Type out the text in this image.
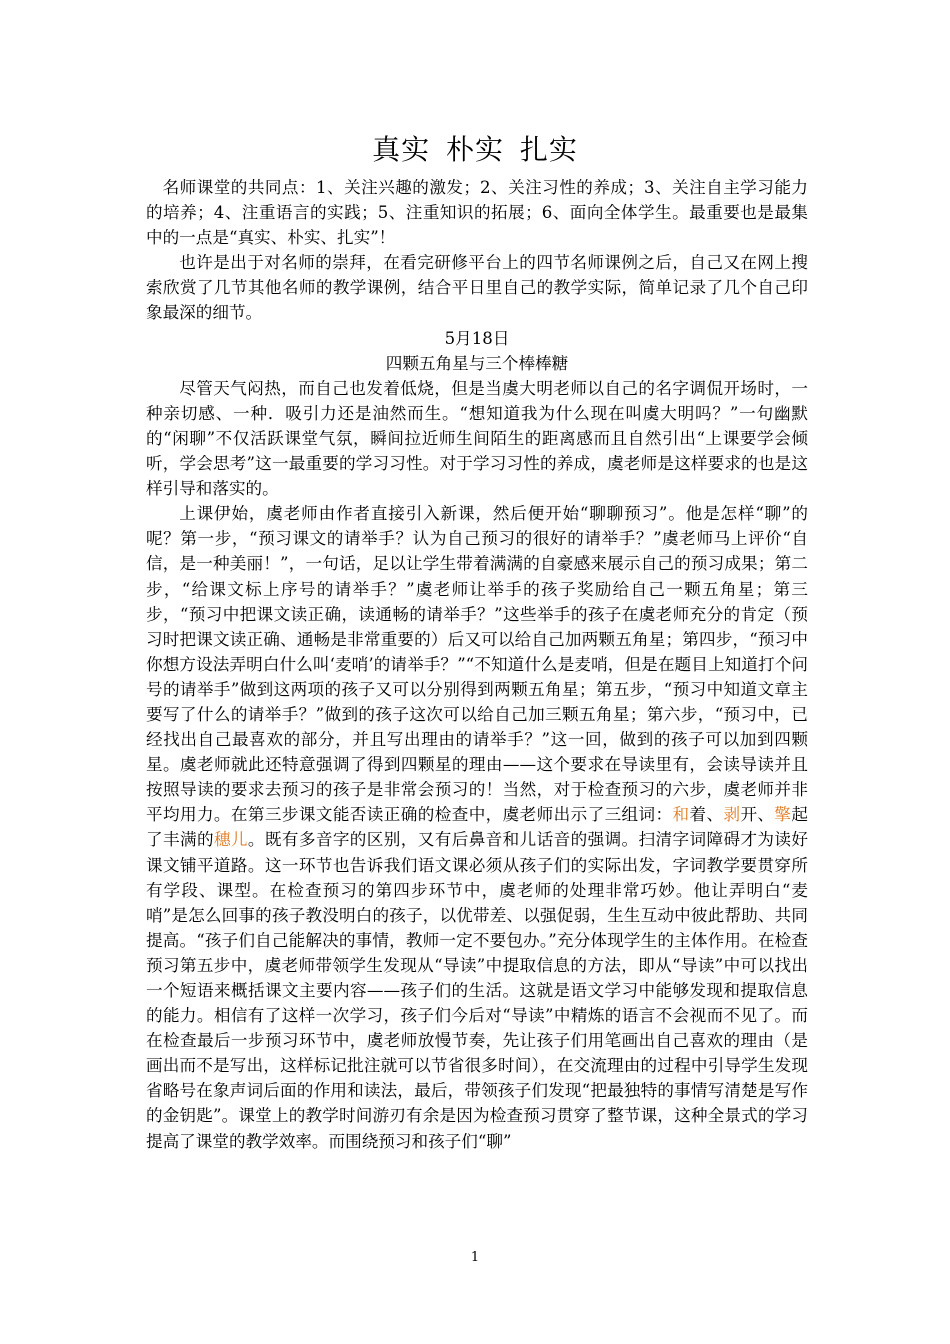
真实 朴实 扎实

名师课堂的共同点：1、关注兴趣的激发；2、关注习性的养成；3、关注自主学习能力的培养；4、注重语言的实践；5、注重知识的拓展；6、面向全体学生。最重要也是最集中的一点是“真实、朴实、扎实”！

也许是出于对名师的崇拜，在看完研修平台上的四节名师课例之后，自己又在网上搜索欣赏了几节其他名师的教学课例，结合平日里自己的教学实际，简单记录了几个自己印象最深的细节。

5月18日

四颗五角星与三个棒棒糖

尽管天气闷热，而自己也发着低烧，但是当虞大明老师以自己的名字调侃开场时，一种亲切感、一种．吸引力还是油然而生。“想知道我为什么现在叫虞大明吗？”一句幽默的“闲聊”不仅活跃课堂气氛，瞬间拉近师生间陌生的距离感而且自然引出“上课要学会倾听，学会思考”这一最重要的学习习性。对于学习习性的养成，虞老师是这样要求的也是这样引导和落实的。

上课伊始，虞老师由作者直接引入新课，然后便开始“聊聊预习”。他是怎样“聊”的呢？第一步，“预习课文的请举手？认为自己预习的很好的请举手？”虞老师马上评价“自信，是一种美丽！”，一句话，足以让学生带着满满的自豪感来展示自己的预习成果；第二步，“给课文标上序号的请举手？”虞老师让举手的孩子奖励给自己一颗五角星；第三步，“预习中把课文读正确，读通畅的请举手？”这些举手的孩子在虞老师充分的肯定（预习时把课文读正确、通畅是非常重要的）后又可以给自己加两颗五角星；第四步，“预习中你想方设法弄明白什么叫‘麦哨’的请举手？”“不知道什么是麦哨，但是在题目上知道打个问号的请举手”做到这两项的孩子又可以分别得到两颗五角星；第五步，“预习中知道文章主要写了什么的请举手？”做到的孩子这次可以给自己加三颗五角星；第六步，“预习中，已经找出自己最喜欢的部分，并且写出理由的请举手？”这一回，做到的孩子可以加到四颗星。虞老师就此还特意强调了得到四颗星的理由——这个要求在导读里有，会读导读并且按照导读的要求去预习的孩子是非常会预习的！当然，对于检查预习的六步，虞老师并非平均用力。在第三步课文能否读正确的检查中，虞老师出示了三组词：和着、剥开、擎起了丰满的穗儿。既有多音字的区别，又有后鼻音和儿话音的强调。扫清字词障碍才为读好课文铺平道路。这一环节也告诉我们语文课必须从孩子们的实际出发，字词教学要贯穿所有学段、课型。在检查预习的第四步环节中，虞老师的处理非常巧妙。他让弄明白“麦哨”是怎么回事的孩子教没明白的孩子，以优带差、以强促弱，生生互动中彼此帮助、共同提高。“孩子们自己能解决的事情，教师一定不要包办。”充分体现学生的主体作用。在检查预习第五步中，虞老师带领学生发现从“导读”中提取信息的方法，即从“导读”中可以找出一个短语来概括课文主要内容——孩子们的生活。这就是语文学习中能够发现和提取信息的能力。相信有了这样一次学习，孩子们今后对“导读”中精炼的语言不会视而不见了。而在检查最后一步预习环节中，虞老师放慢节奏，先让孩子们用笔画出自己喜欢的理由（是画出而不是写出，这样标记批注就可以节省很多时间），在交流理由的过程中引导学生发现省略号在象声词后面的作用和读法，最后，带领孩子们发现“把最独特的事情写清楚是写作的金钥匙”。课堂上的教学时间游刃有余是因为检查预习贯穿了整节课，这种全景式的学习提高了课堂的教学效率。而围绕预习和孩子们“聊”

1
